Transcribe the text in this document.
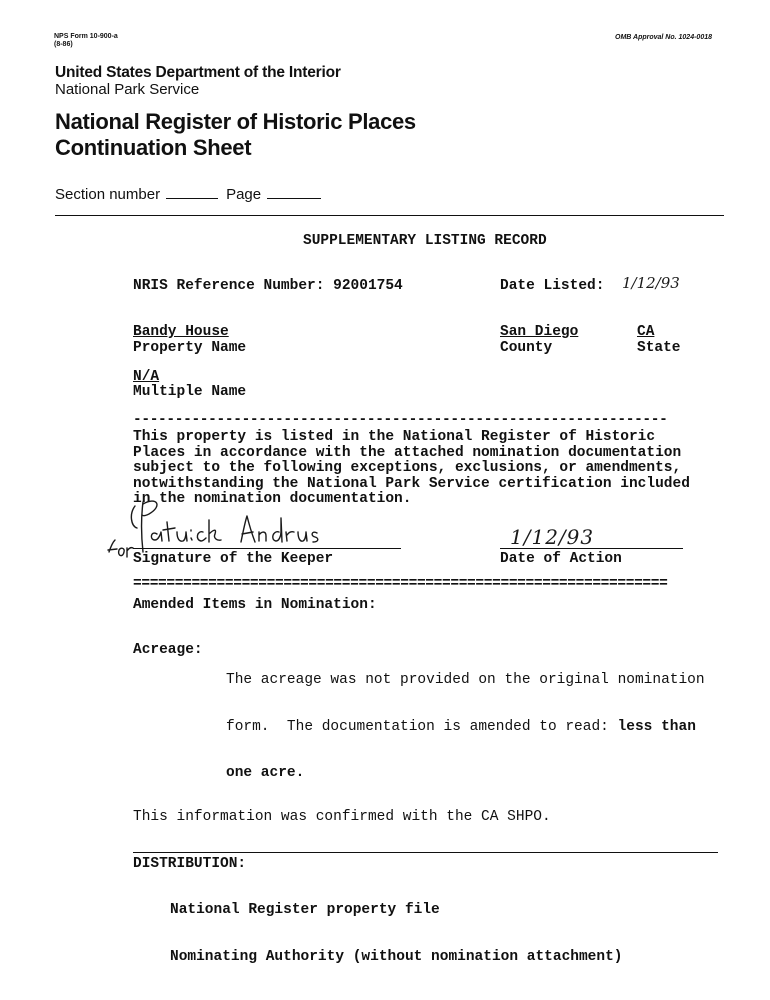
NPS Form 10-900-a
(8-86)
OMB Approval No. 1024-0018
United States Department of the Interior
National Park Service
National Register of Historic Places
Continuation Sheet
Section number	Page
SUPPLEMENTARY LISTING RECORD
NRIS Reference Number: 92001754	Date Listed: 1/12/93
Bandy House
Property Name
San Diego
County
CA
State
N/A
Multiple Name
----------------------------------------------------------------
This property is listed in the National Register of Historic
Places in accordance with the attached nomination documentation
subject to the following exceptions, exclusions, or amendments,
notwithstanding the National Park Service certification included
in the nomination documentation.
Signature of the Keeper
1/12/93
Date of Action
================================================================
Amended Items in Nomination:
Acreage:

The acreage was not provided on the original nomination

form.  The documentation is amended to read: less than

one acre.

This information was confirmed with the CA SHPO.
DISTRIBUTION:

National Register property file

Nominating Authority (without nomination attachment)
